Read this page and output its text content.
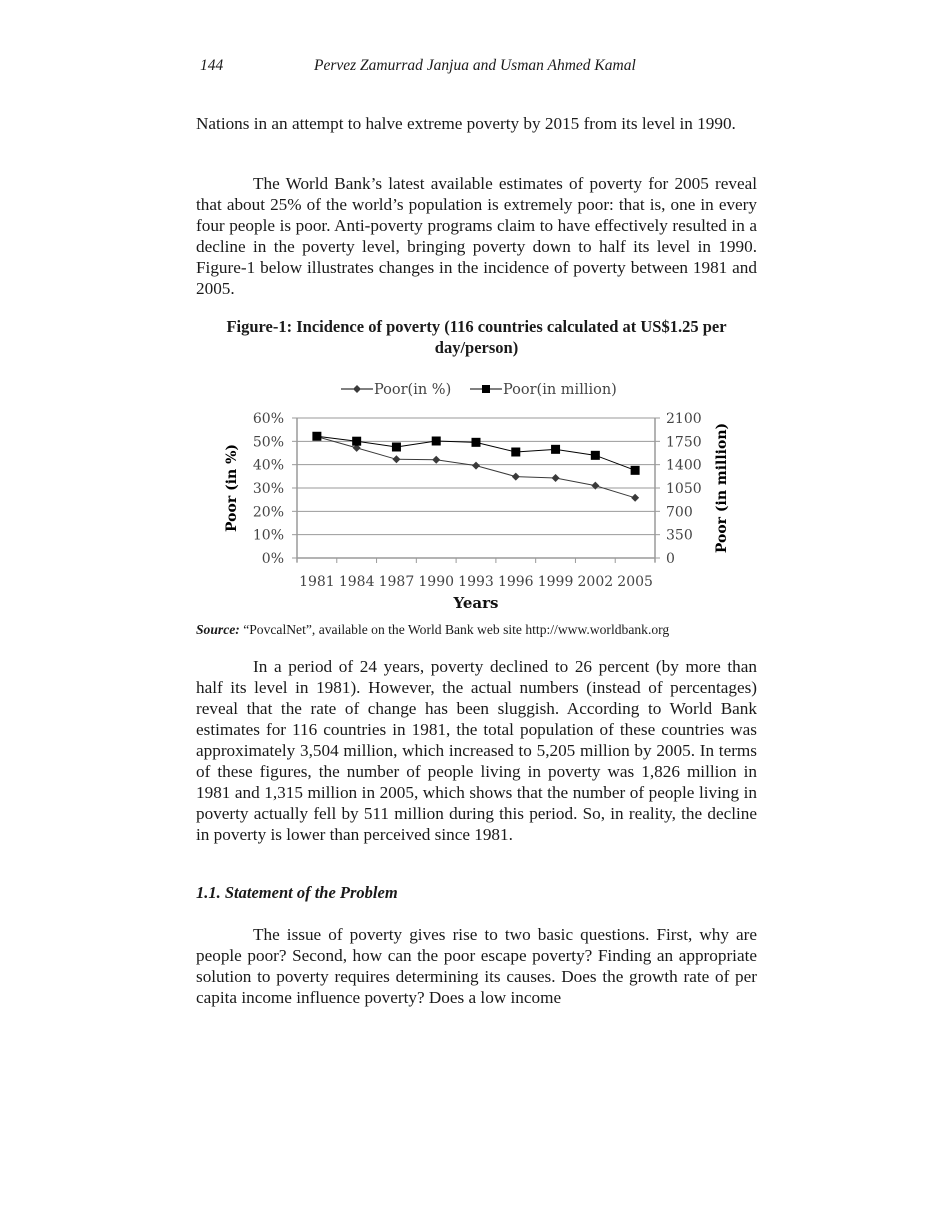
144	Pervez Zamurrad Janjua and Usman Ahmed Kamal

Nations in an attempt to halve extreme poverty by 2015 from its level in 1990.

The World Bank’s latest available estimates of poverty for 2005 reveal that about 25% of the world’s population is extremely poor: that is, one in every four people is poor. Anti-poverty programs claim to have effectively resulted in a decline in the poverty level, bringing poverty down to half its level in 1990. Figure-1 below illustrates changes in the incidence of poverty between 1981 and 2005.

Figure-1: Incidence of poverty (116 countries calculated at US$1.25 per day/person)
Poor(in %)	Poor(in million)
0%
10%
20%
30%
40%
50%
60%
0
350
700
1050
1400
1750
2100
1981 1984 1987 1990 1993 1996 1999 2002 2005
Years
Poor (in %)	Poor (in million)
Source: “PovcalNet”, available on the World Bank web site http://www.worldbank.org

In a period of 24 years, poverty declined to 26 percent (by more than half its level in 1981). However, the actual numbers (instead of percentages) reveal that the rate of change has been sluggish. According to World Bank estimates for 116 countries in 1981, the total population of these countries was approximately 3,504 million, which increased to 5,205 million by 2005. In terms of these figures, the number of people living in poverty was 1,826 million in 1981 and 1,315 million in 2005, which shows that the number of people living in poverty actually fell by 511 million during this period. So, in reality, the decline in poverty is lower than perceived since 1981.

1.1. Statement of the Problem

The issue of poverty gives rise to two basic questions. First, why are people poor? Second, how can the poor escape poverty? Finding an appropriate solution to poverty requires determining its causes. Does the growth rate of per capita income influence poverty? Does a low income
